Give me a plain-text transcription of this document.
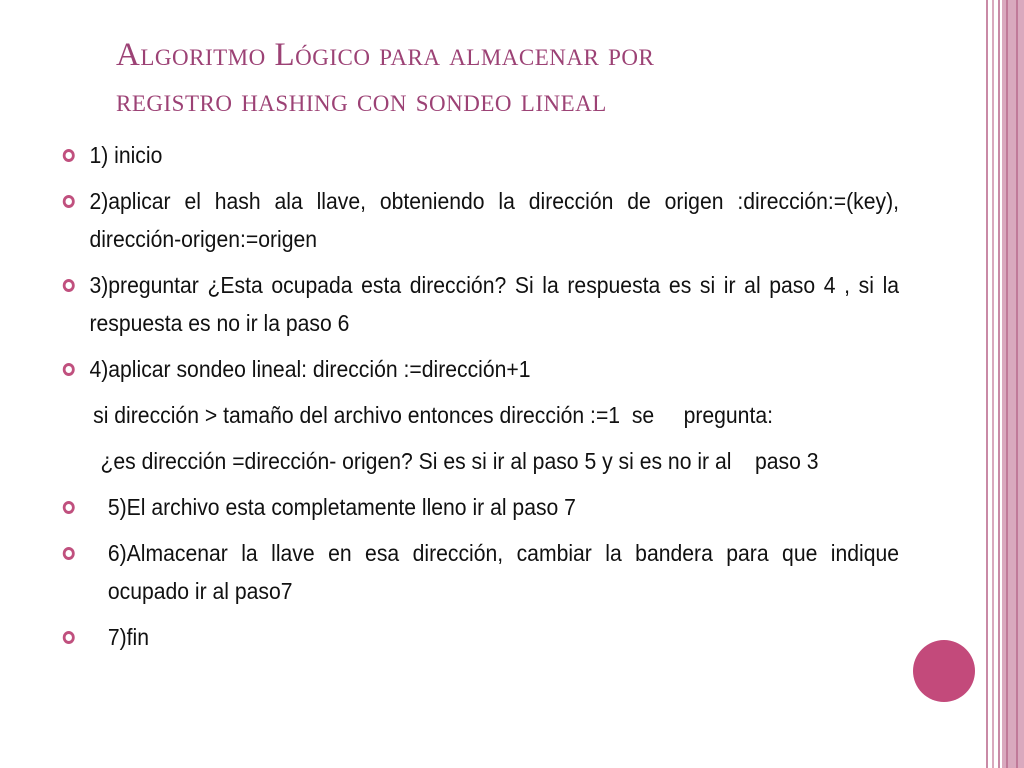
Algoritmo Lógico para almacenar por
registro hashing con sondeo lineal
1) inicio
2)aplicar el hash ala llave, obteniendo la dirección de origen :dirección:=(key), dirección-origen:=origen
3)preguntar ¿Esta ocupada esta dirección? Si la respuesta es si ir al paso 4 , si la respuesta es no ir la paso 6
4)aplicar sondeo lineal: dirección :=dirección+1
si dirección > tamaño del archivo entonces dirección :=1  se     pregunta:
¿es dirección =dirección- origen? Si es si ir al paso 5 y si es no ir al    paso 3
5)El archivo esta completamente lleno ir al paso 7
6)Almacenar la llave en esa dirección, cambiar la bandera para que indique ocupado ir al paso7
7)fin
